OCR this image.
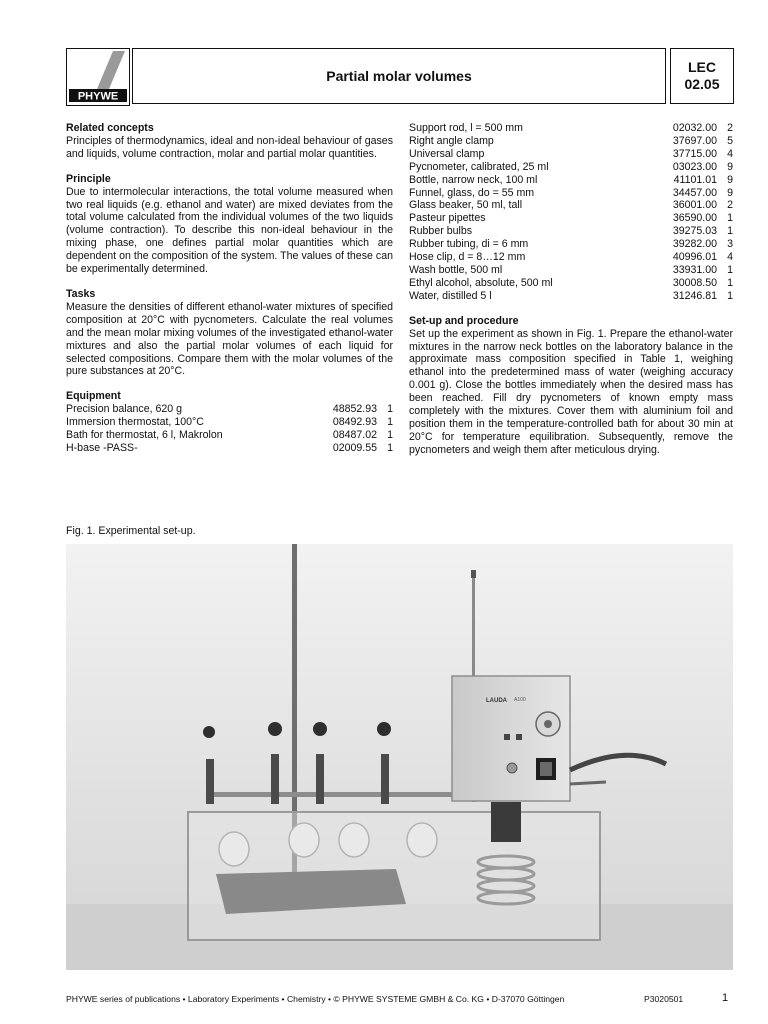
PHYWE
Partial molar volumes
LEC
02.05
Related concepts

Principles of thermodynamics, ideal and non-ideal behaviour of gases and liquids, volume contraction, molar and partial molar quantities.

Principle

Due to intermolecular interactions, the total volume measured when two real liquids (e.g. ethanol and water) are mixed deviates from the total volume calculated from the individual volumes of the two liquids (volume contraction). To describe this non-ideal behaviour in the mixing phase, one defines partial molar quantities which are dependent on the composition of the system. The values of these can be experimentally determined.

Tasks

Measure the densities of different ethanol-water mixtures of specified composition at 20°C with pycnometers. Calculate the real volumes and the mean molar mixing volumes of the investigated ethanol-water mixtures and also the partial molar volumes of each liquid for selected compositions. Compare them with the molar volumes of the pure substances at 20°C.

Equipment
Precision balance, 620 g	48852.93 1
Immersion thermostat, 100°C	08492.93 1
Bath for thermostat, 6 l, Makrolon	08487.02 1
H-base -PASS-	02009.55 1
Support rod, l = 500 mm	02032.00 2
Right angle clamp	37697.00 5
Universal clamp	37715.00 4
Pycnometer, calibrated, 25 ml	03023.00 9
Bottle, narrow neck, 100 ml	41101.01 9
Funnel, glass, do = 55 mm	34457.00 9
Glass beaker, 50 ml, tall	36001.00 2
Pasteur pipettes	36590.00 1
Rubber bulbs	39275.03 1
Rubber tubing, di = 6 mm	39282.00 3
Hose clip, d = 8…12 mm	40996.01 4
Wash bottle, 500 ml	33931.00 1
Ethyl alcohol, absolute, 500 ml	30008.50 1
Water, distilled 5 l	31246.81 1
Set-up and procedure

Set up the experiment as shown in Fig. 1. Prepare the ethanol-water mixtures in the narrow neck bottles on the laboratory balance in the approximate mass composition specified in Table 1, weighing ethanol into the predetermined mass of water (weighing accuracy 0.001 g). Close the bottles immediately when the desired mass has been reached. Fill dry pycnometers of known empty mass completely with the mixtures. Cover them with aluminium foil and position them in the temperature-controlled bath for about 30 min at 20°C for temperature equilibration. Subsequently, remove the pycnometers and weigh them after meticulous drying.

Fig. 1. Experimental set-up.
LAUDA A100
PHYWE series of publications • Laboratory Experiments • Chemistry • © PHYWE SYSTEME GMBH & Co. KG • D-37070 Göttingen	P3020501	1
